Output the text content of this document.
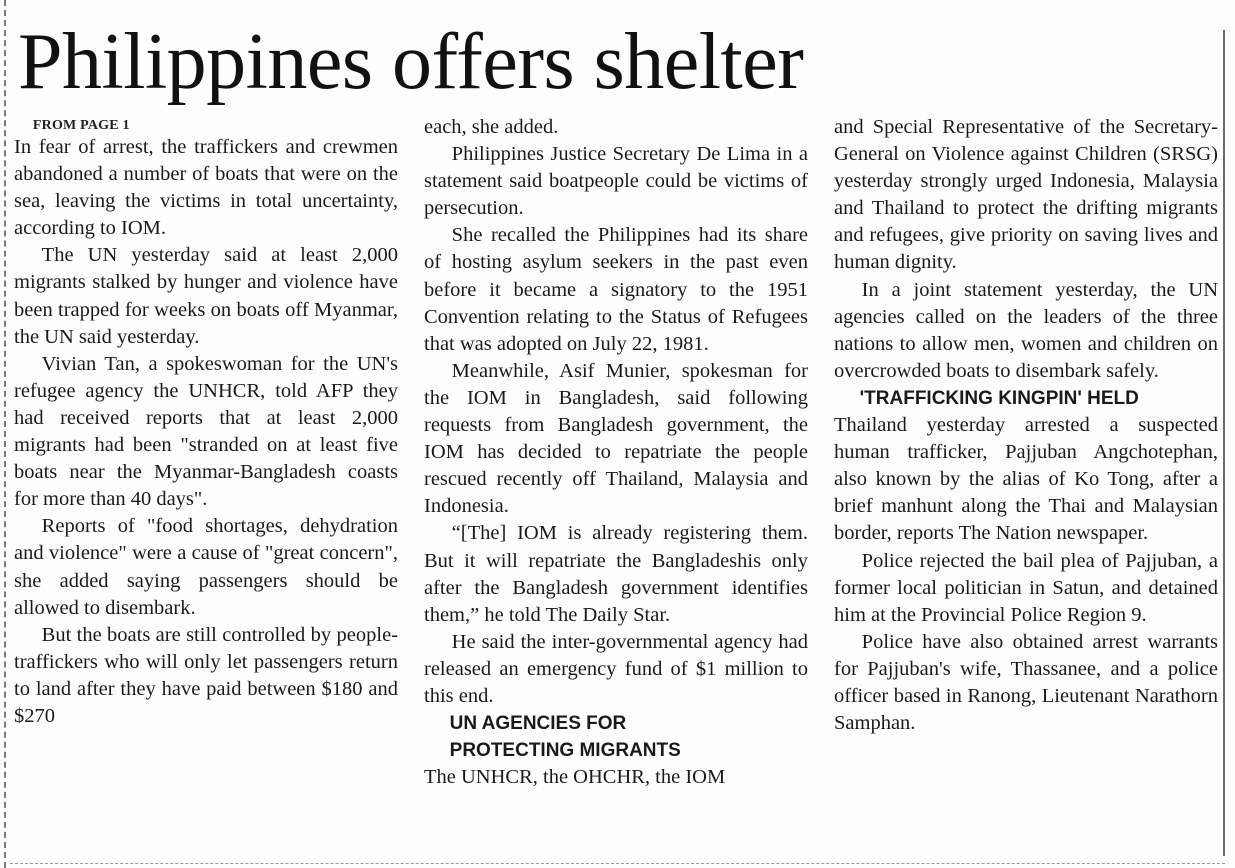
Philippines offers shelter

FROM PAGE 1

In fear of arrest, the traffickers and crewmen abandoned a number of boats that were on the sea, leaving the victims in total uncertainty, according to IOM.

The UN yesterday said at least 2,000 migrants stalked by hunger and violence have been trapped for weeks on boats off Myanmar, the UN said yesterday.

Vivian Tan, a spokeswoman for the UN's refugee agency the UNHCR, told AFP they had received reports that at least 2,000 migrants had been "stranded on at least five boats near the Myanmar-Bangladesh coasts for more than 40 days".

Reports of "food shortages, dehydration and violence" were a cause of "great concern", she added saying passengers should be allowed to disembark.

But the boats are still controlled by people-traffickers who will only let passengers return to land after they have paid between $180 and $270

each, she added.

Philippines Justice Secretary De Lima in a statement said boatpeople could be victims of persecution.

She recalled the Philippines had its share of hosting asylum seekers in the past even before it became a signatory to the 1951 Convention relating to the Status of Refugees that was adopted on July 22, 1981.

Meanwhile, Asif Munier, spokesman for the IOM in Bangladesh, said following requests from Bangladesh government, the IOM has decided to repatriate the people rescued recently off Thailand, Malaysia and Indonesia.

“[The] IOM is already registering them. But it will repatriate the Bangladeshis only after the Bangladesh government identifies them,” he told The Daily Star.

He said the inter-governmental agency had released an emergency fund of $1 million to this end.

UN AGENCIES FOR

PROTECTING MIGRANTS

The UNHCR, the OHCHR, the IOM

and Special Representative of the Secretary-General on Violence against Children (SRSG) yesterday strongly urged Indonesia, Malaysia and Thailand to protect the drifting migrants and refugees, give priority on saving lives and human dignity.

In a joint statement yesterday, the UN agencies called on the leaders of the three nations to allow men, women and children on overcrowded boats to disembark safely.

'TRAFFICKING KINGPIN' HELD

Thailand yesterday arrested a suspected human trafficker, Pajjuban Angchotephan, also known by the alias of Ko Tong, after a brief manhunt along the Thai and Malaysian border, reports The Nation newspaper.

Police rejected the bail plea of Pajjuban, a former local politician in Satun, and detained him at the Provincial Police Region 9.

Police have also obtained arrest warrants for Pajjuban's wife, Thassanee, and a police officer based in Ranong, Lieutenant Narathorn Samphan.
